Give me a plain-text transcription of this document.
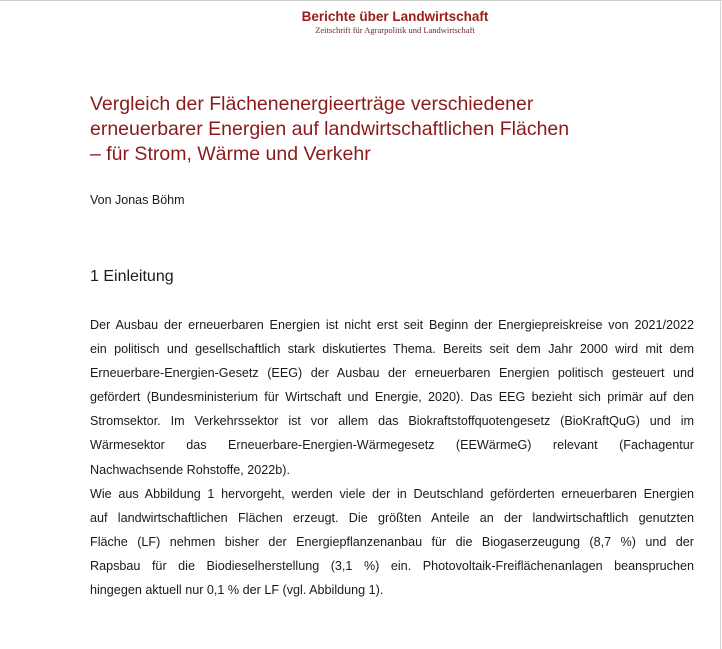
Berichte über Landwirtschaft
Zeitschrift für Agrarpolitik und Landwirtschaft
Vergleich der Flächenenergieerträge verschiedener
erneuerbarer Energien auf landwirtschaftlichen Flächen
– für Strom, Wärme und Verkehr
Von Jonas Böhm
1 Einleitung
Der Ausbau der erneuerbaren Energien ist nicht erst seit Beginn der Energiepreiskreise von 2021/2022
ein politisch und gesellschaftlich stark diskutiertes Thema. Bereits seit dem Jahr 2000 wird mit dem
Erneuerbare-Energien-Gesetz (EEG) der Ausbau der erneuerbaren Energien politisch gesteuert und
gefördert (Bundesministerium für Wirtschaft und Energie, 2020). Das EEG bezieht sich primär auf den
Stromsektor. Im Verkehrssektor ist vor allem das Biokraftstoffquotengesetz (BioKraftQuG) und im
Wärmesektor das Erneuerbare-Energien-Wärmegesetz (EEWärmeG) relevant (Fachagentur
Nachwachsende Rohstoffe, 2022b).
Wie aus Abbildung 1 hervorgeht, werden viele der in Deutschland geförderten erneuerbaren Energien
auf landwirtschaftlichen Flächen erzeugt. Die größten Anteile an der landwirtschaftlich genutzten
Fläche (LF) nehmen bisher der Energiepflanzenanbau für die Biogaserzeugung (8,7 %) und der
Rapsbau für die Biodieselherstellung (3,1 %) ein. Photovoltaik-Freiflächenanlagen beanspruchen
hingegen aktuell nur 0,1 % der LF (vgl. Abbildung 1).
